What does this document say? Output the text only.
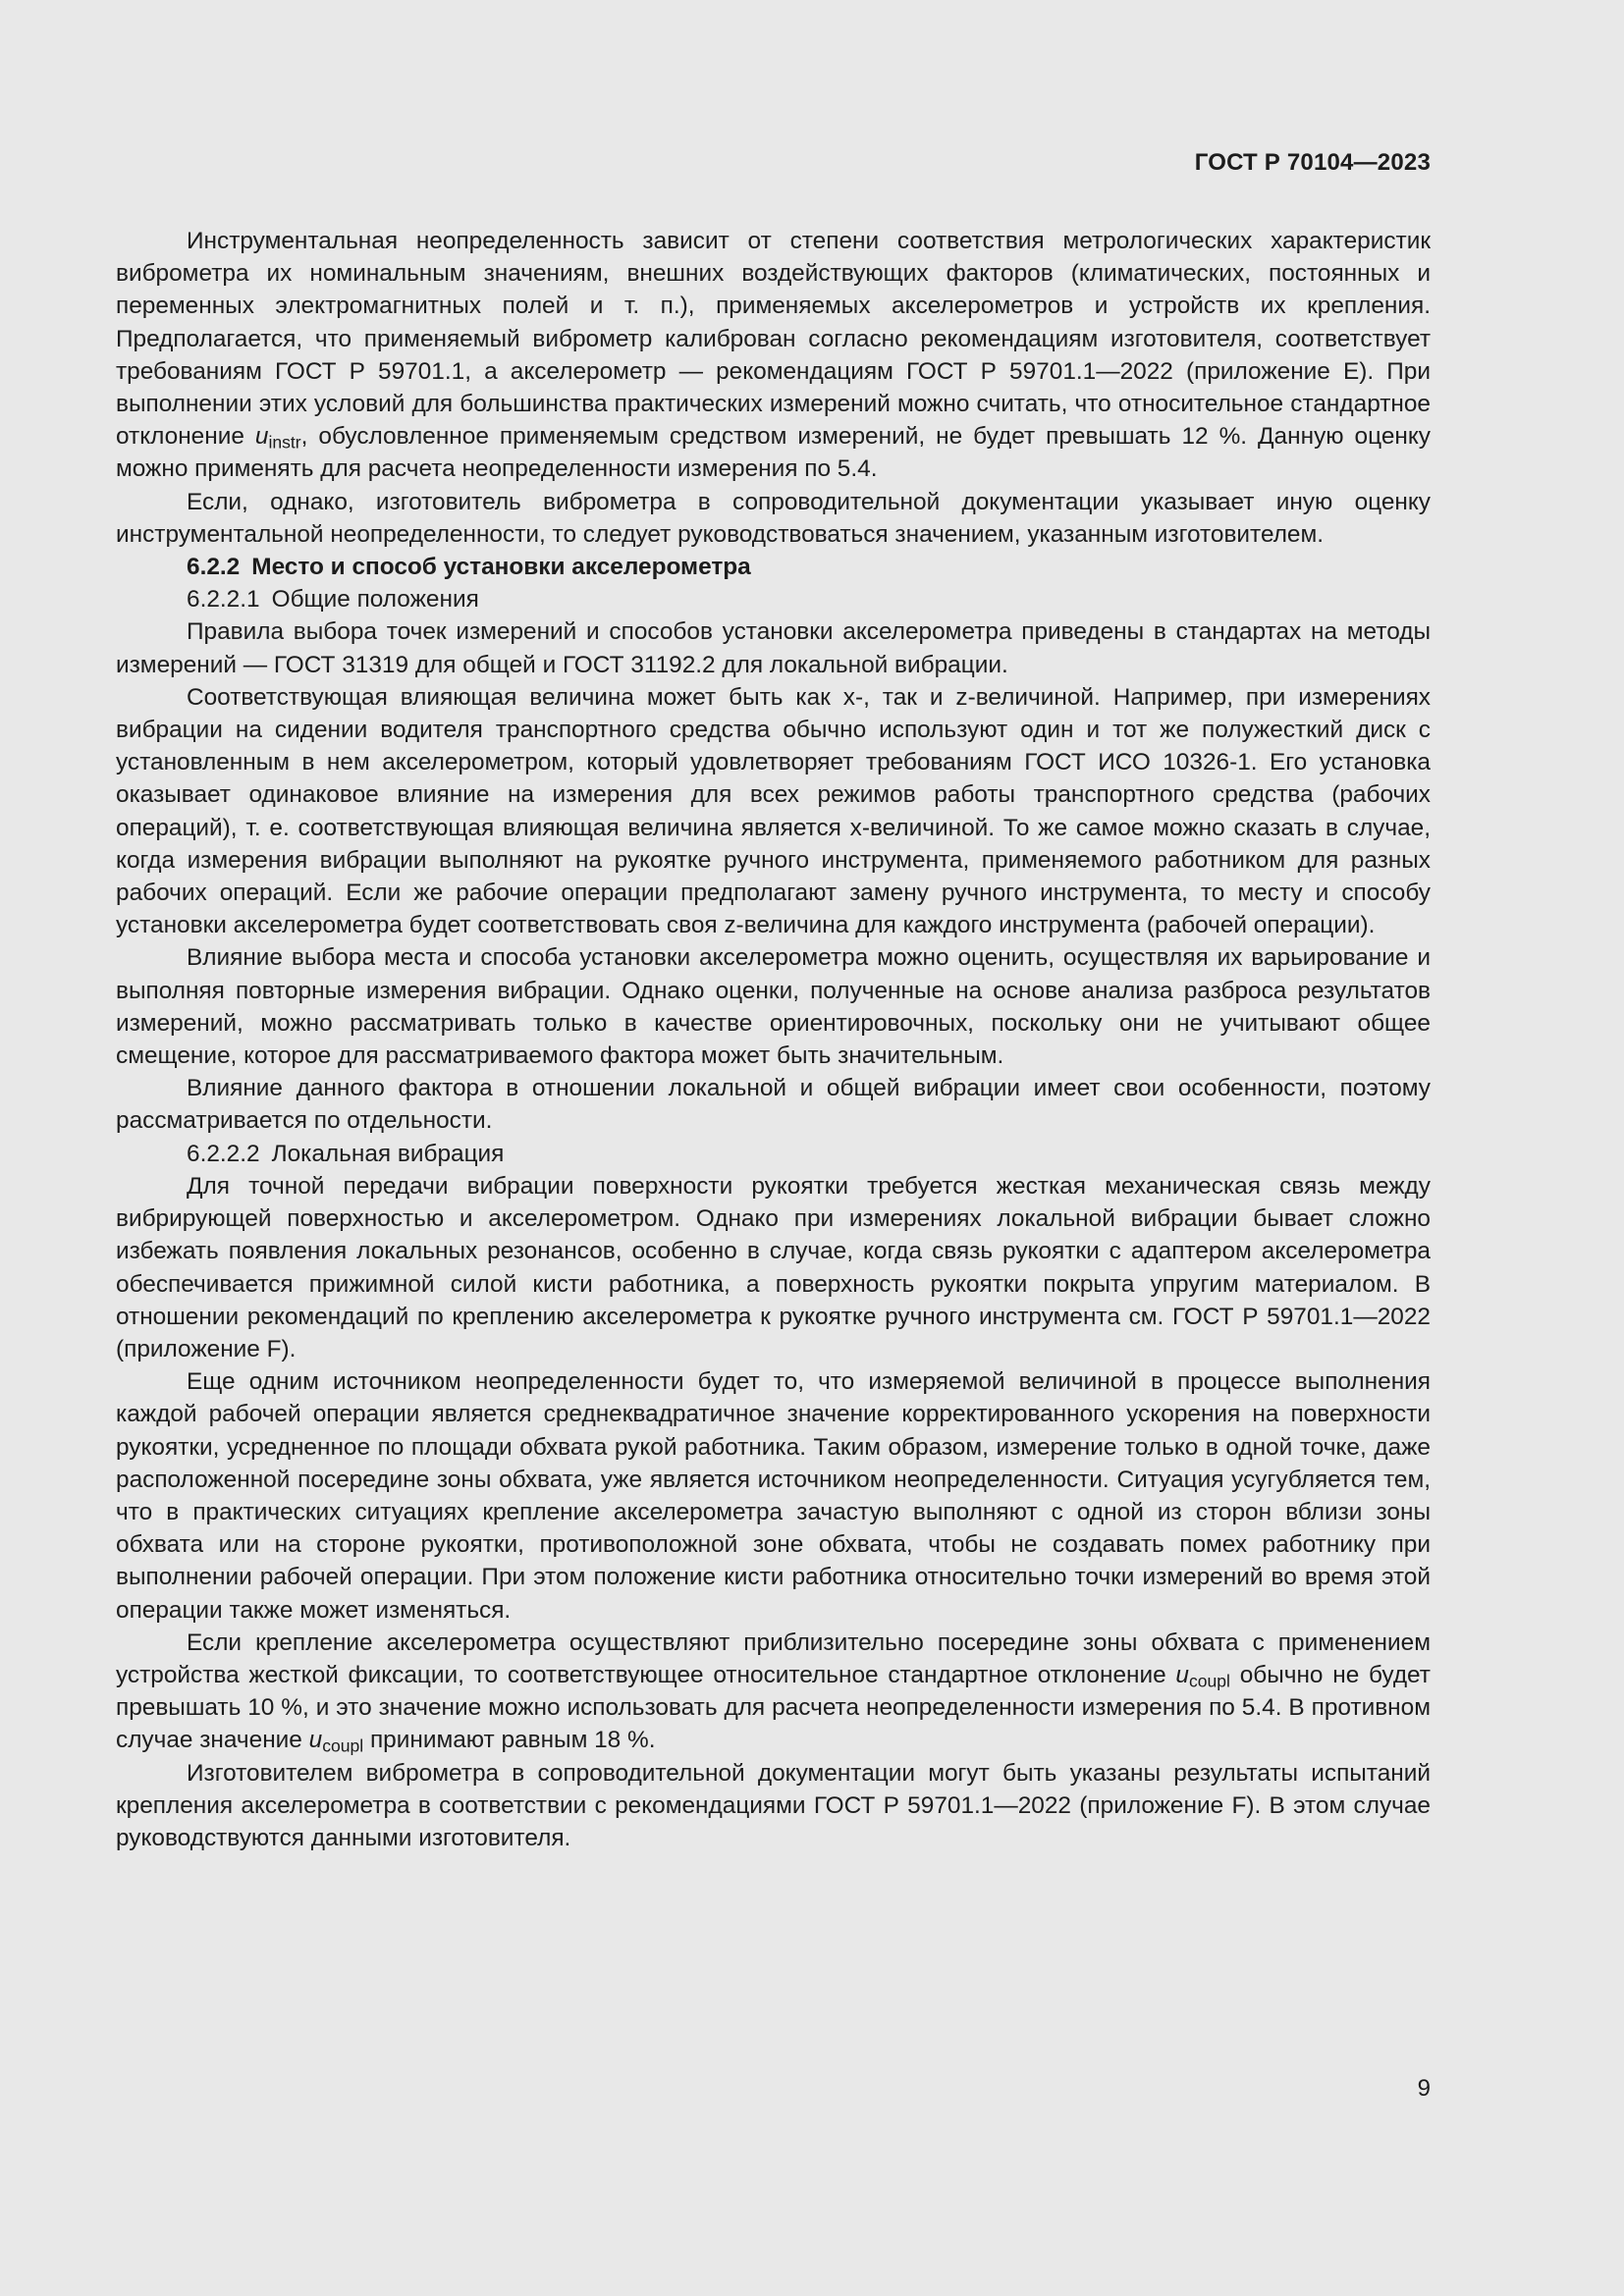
ГОСТ Р 70104—2023

Инструментальная неопределенность зависит от степени соответствия метрологических характеристик виброметра их номинальным значениям, внешних воздействующих факторов (климатических, постоянных и переменных электромагнитных полей и т. п.), применяемых акселерометров и устройств их крепления. Предполагается, что применяемый виброметр калиброван согласно рекомендациям изготовителя, соответствует требованиям ГОСТ Р 59701.1, а акселерометр — рекомендациям ГОСТ Р 59701.1—2022 (приложение Е). При выполнении этих условий для большинства практических измерений можно считать, что относительное стандартное отклонение $u_{instr}$, обусловленное применяемым средством измерений, не будет превышать 12 %. Данную оценку можно применять для расчета неопределенности измерения по 5.4.

Если, однако, изготовитель виброметра в сопроводительной документации указывает иную оценку инструментальной неопределенности, то следует руководствоваться значением, указанным изготовителем.

6.2.2 Место и способ установки акселерометра

6.2.2.1 Общие положения

Правила выбора точек измерений и способов установки акселерометра приведены в стандартах на методы измерений — ГОСТ 31319 для общей и ГОСТ 31192.2 для локальной вибрации.

Соответствующая влияющая величина может быть как x-, так и z-величиной. Например, при измерениях вибрации на сидении водителя транспортного средства обычно используют один и тот же полужесткий диск с установленным в нем акселерометром, который удовлетворяет требованиям ГОСТ ИСО 10326-1. Его установка оказывает одинаковое влияние на измерения для всех режимов работы транспортного средства (рабочих операций), т. е. соответствующая влияющая величина является x-величиной. То же самое можно сказать в случае, когда измерения вибрации выполняют на рукоятке ручного инструмента, применяемого работником для разных рабочих операций. Если же рабочие операции предполагают замену ручного инструмента, то месту и способу установки акселерометра будет соответствовать своя z-величина для каждого инструмента (рабочей операции).

Влияние выбора места и способа установки акселерометра можно оценить, осуществляя их варьирование и выполняя повторные измерения вибрации. Однако оценки, полученные на основе анализа разброса результатов измерений, можно рассматривать только в качестве ориентировочных, поскольку они не учитывают общее смещение, которое для рассматриваемого фактора может быть значительным.

Влияние данного фактора в отношении локальной и общей вибрации имеет свои особенности, поэтому рассматривается по отдельности.

6.2.2.2 Локальная вибрация

Для точной передачи вибрации поверхности рукоятки требуется жесткая механическая связь между вибрирующей поверхностью и акселерометром. Однако при измерениях локальной вибрации бывает сложно избежать появления локальных резонансов, особенно в случае, когда связь рукоятки с адаптером акселерометра обеспечивается прижимной силой кисти работника, а поверхность рукоятки покрыта упругим материалом. В отношении рекомендаций по креплению акселерометра к рукоятке ручного инструмента см. ГОСТ Р 59701.1—2022 (приложение F).

Еще одним источником неопределенности будет то, что измеряемой величиной в процессе выполнения каждой рабочей операции является среднеквадратичное значение корректированного ускорения на поверхности рукоятки, усредненное по площади обхвата рукой работника. Таким образом, измерение только в одной точке, даже расположенной посередине зоны обхвата, уже является источником неопределенности. Ситуация усугубляется тем, что в практических ситуациях крепление акселерометра зачастую выполняют с одной из сторон вблизи зоны обхвата или на стороне рукоятки, противоположной зоне обхвата, чтобы не создавать помех работнику при выполнении рабочей операции. При этом положение кисти работника относительно точки измерений во время этой операции также может изменяться.

Если крепление акселерометра осуществляют приблизительно посередине зоны обхвата с применением устройства жесткой фиксации, то соответствующее относительное стандартное отклонение $u_{coupl}$ обычно не будет превышать 10 %, и это значение можно использовать для расчета неопределенности измерения по 5.4. В противном случае значение $u_{coupl}$ принимают равным 18 %.

Изготовителем виброметра в сопроводительной документации могут быть указаны результаты испытаний крепления акселерометра в соответствии с рекомендациями ГОСТ Р 59701.1—2022 (приложение F). В этом случае руководствуются данными изготовителя.

9
